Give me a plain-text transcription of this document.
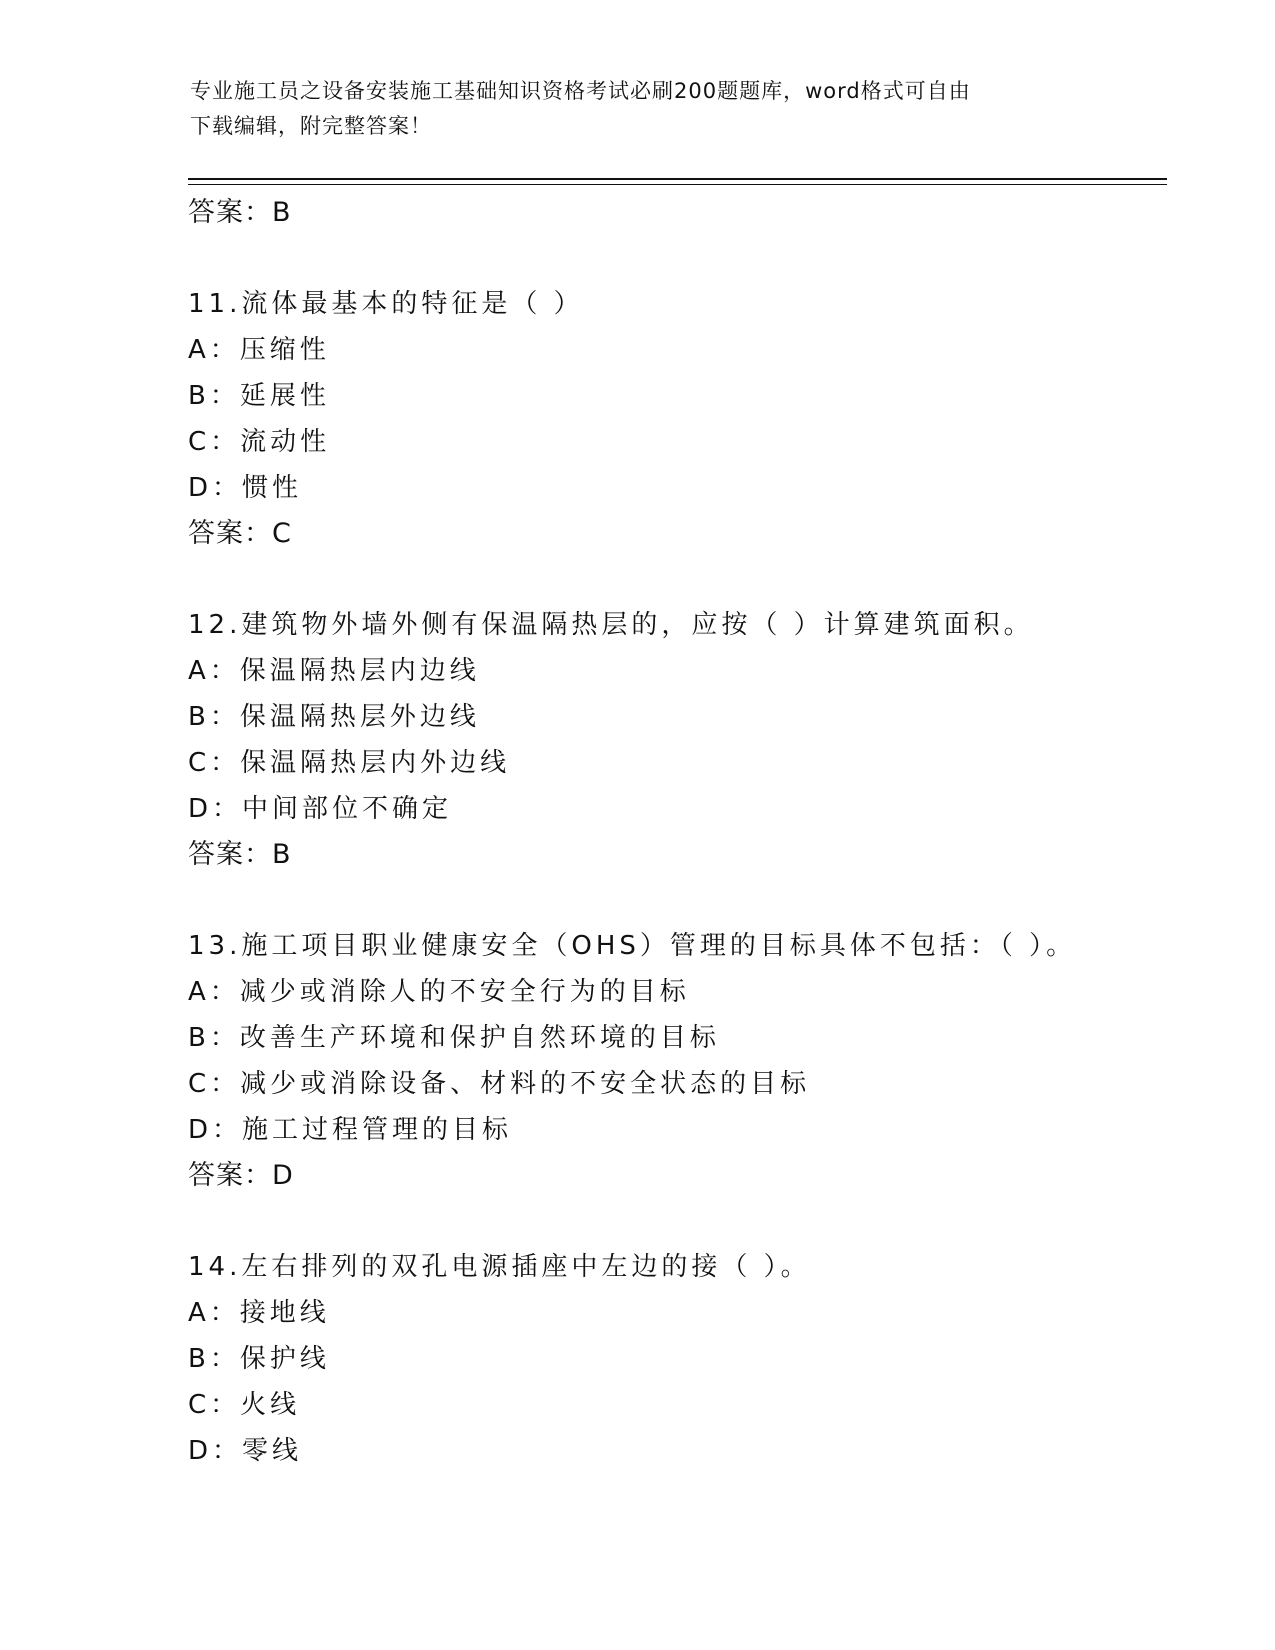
专业施工员之设备安装施工基础知识资格考试必刷200题题库，word格式可自由
下载编辑，附完整答案！
答案：B
11.流体最基本的特征是（ ）
A：压缩性
B：延展性
C：流动性
D：惯性
答案：C
12.建筑物外墙外侧有保温隔热层的，应按（ ）计算建筑面积。
A：保温隔热层内边线
B：保温隔热层外边线
C：保温隔热层内外边线
D：中间部位不确定
答案：B
13.施工项目职业健康安全（OHS）管理的目标具体不包括：（ ）。
A：减少或消除人的不安全行为的目标
B：改善生产环境和保护自然环境的目标
C：减少或消除设备、材料的不安全状态的目标
D：施工过程管理的目标
答案：D
14.左右排列的双孔电源插座中左边的接（ ）。
A：接地线
B：保护线
C：火线
D：零线
